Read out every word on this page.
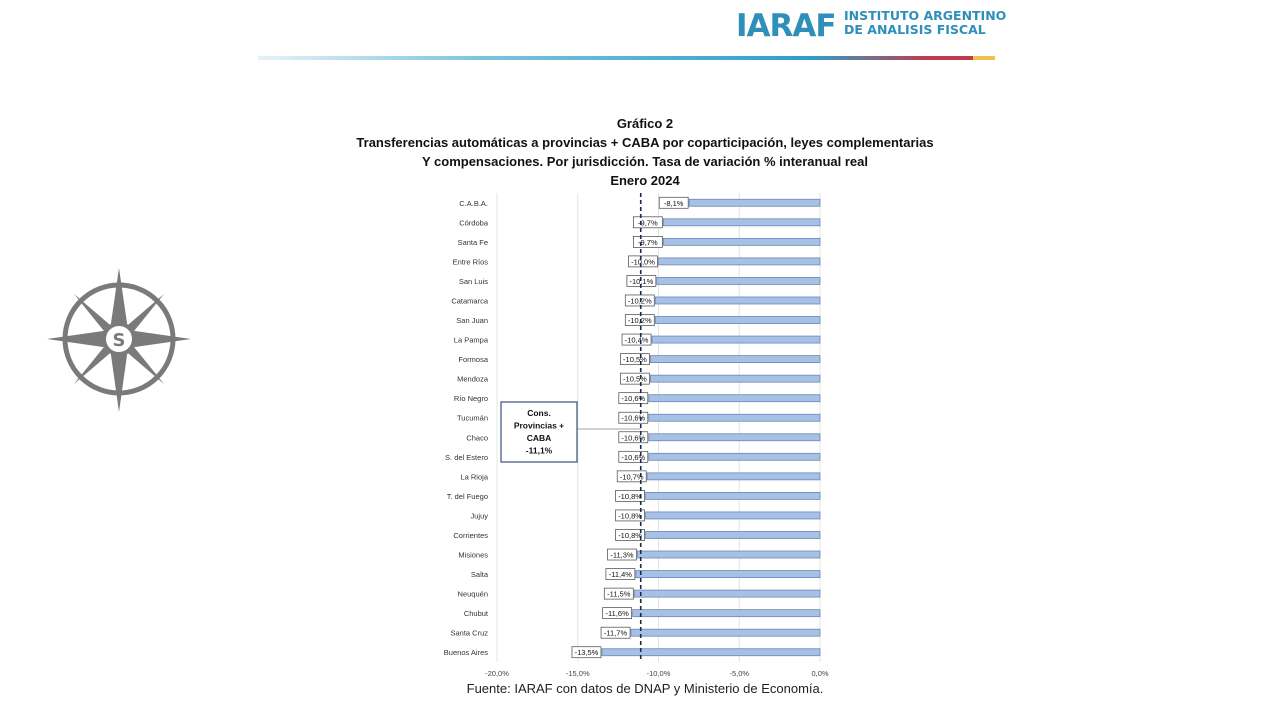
IARAF INSTITUTO ARGENTINO
DE ANALISIS FISCAL
S
Gráfico 2
Transferencias automáticas a provincias + CABA por coparticipación, leyes complementarias
Y compensaciones. Por jurisdicción. Tasa de variación % interanual real
Enero 2024
-20,0%	-15,0%	-10,0%	-5,0%	0,0%
C.A.B.A.	-8,1%
Córdoba	-9,7%
Santa Fe	-9,7%
Entre Ríos	-10,0%
San Luis	-10,1%
Catamarca	-10,2%
San Juan	-10,2%
La Pampa	-10,4%
Formosa	-10,5%
Mendoza	-10,5%
Río Negro	-10,6%
Tucumán	-10,6%
Chaco	-10,6%
S. del Estero	-10,6%
La Rioja	-10,7%
T. del Fuego	-10,8%
Jujuy	-10,8%
Corrientes	-10,8%
Misiones	-11,3%
Salta	-11,4%
Neuquén	-11,5%
Chubut	-11,6%
Santa Cruz	-11,7%
Buenos Aires	-13,5%
Cons.
Provincias +
CABA
-11,1%
Fuente: IARAF con datos de DNAP y Ministerio de Economía.
